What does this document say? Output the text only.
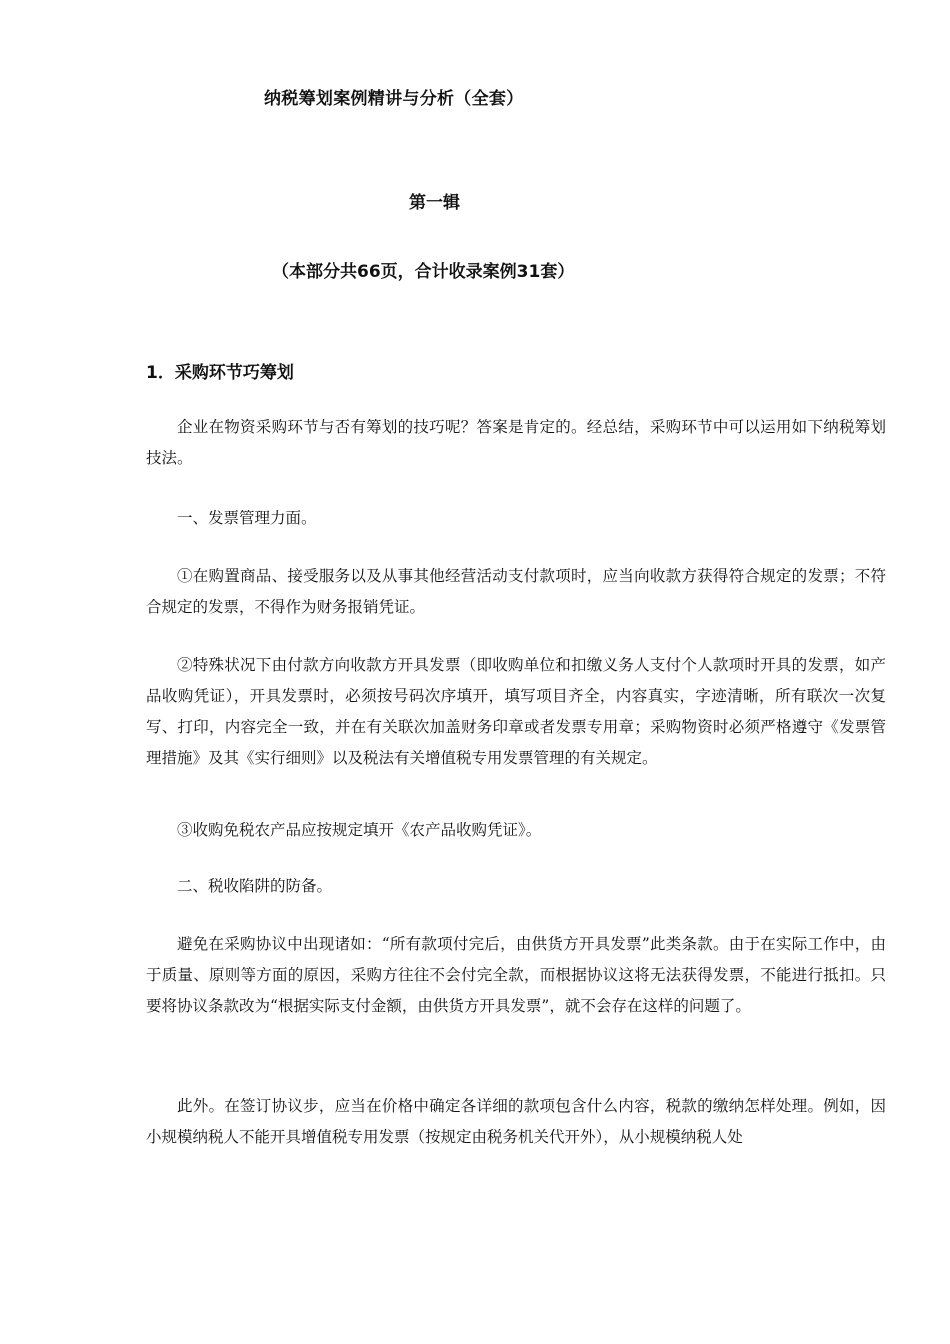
纳税筹划案例精讲与分析（全套）
第一辑
（本部分共66页，合计收录案例31套）
1．采购环节巧筹划

企业在物资采购环节与否有筹划的技巧呢？答案是肯定的。经总结，采购环节中可以运用如下纳税筹划技法。

一、发票管理力面。

①在购置商品、接受服务以及从事其他经营活动支付款项时，应当向收款方获得符合规定的发票；不符合规定的发票，不得作为财务报销凭证。

②特殊状况下由付款方向收款方开具发票（即收购单位和扣缴义务人支付个人款项时开具的发票，如产品收购凭证），开具发票时，必须按号码次序填开，填写项目齐全，内容真实，字迹清晰，所有联次一次复写、打印，内容完全一致，并在有关联次加盖财务印章或者发票专用章；采购物资时必须严格遵守《发票管理措施》及其《实行细则》以及税法有关增值税专用发票管理的有关规定。

③收购免税农产品应按规定填开《农产品收购凭证》。

二、税收陷阱的防备。

避免在采购协议中出现诸如：“所有款项付完后，由供货方开具发票”此类条款。由于在实际工作中，由于质量、原则等方面的原因，采购方往往不会付完全款，而根据协议这将无法获得发票，不能进行抵扣。只要将协议条款改为“根据实际支付金额，由供货方开具发票”，就不会存在这样的问题了。

此外。在签订协议步，应当在价格中确定各详细的款项包含什么内容，税款的缴纳怎样处理。例如，因小规模纳税人不能开具增值税专用发票（按规定由税务机关代开外），从小规模纳税人处
